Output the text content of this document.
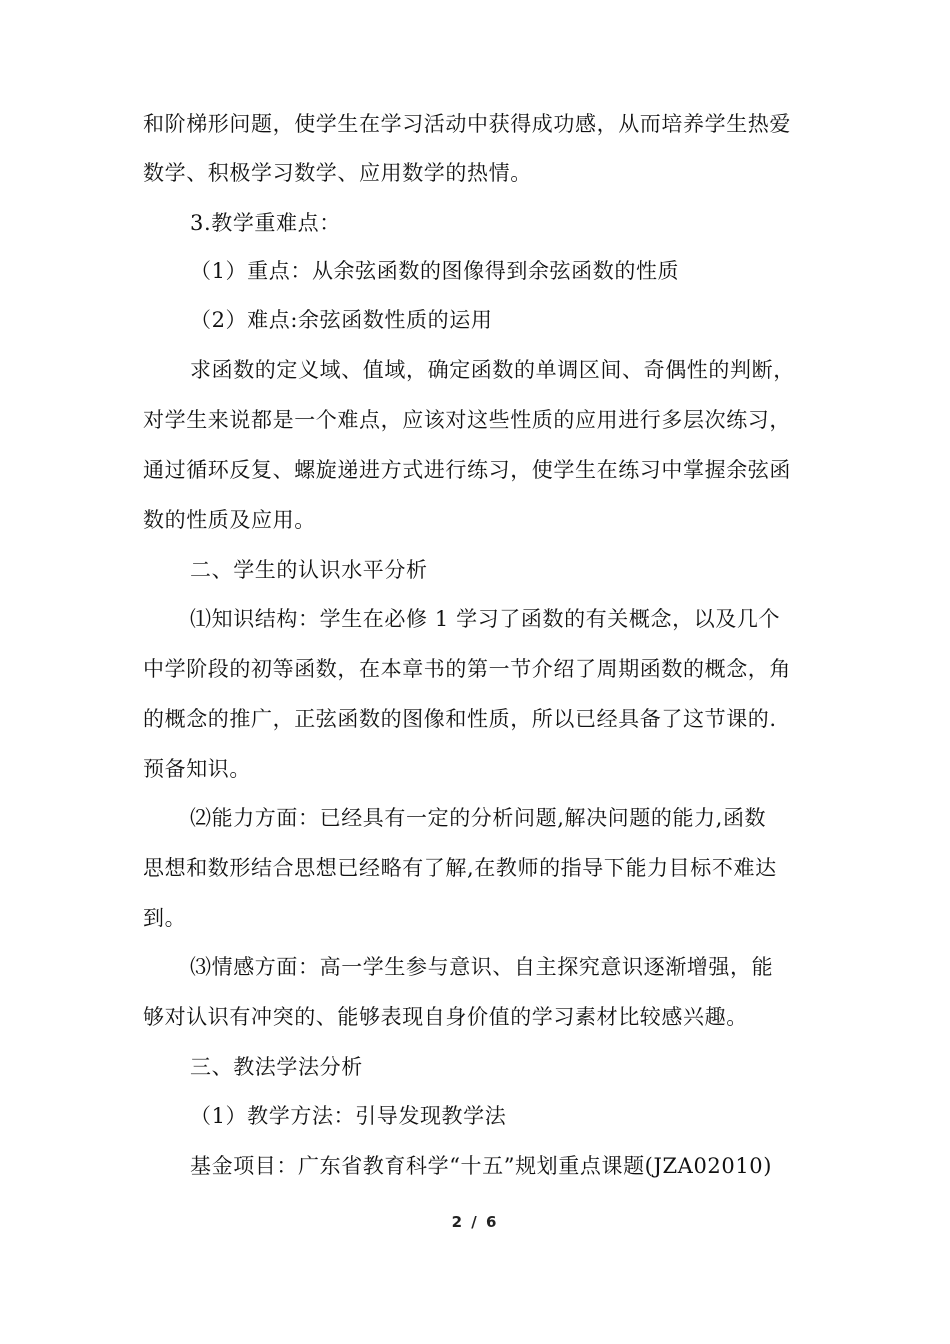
和阶梯形问题，使学生在学习活动中获得成功感，从而培养学生热爱
数学、积极学习数学、应用数学的热情。
3.教学重难点：
（1）重点：从余弦函数的图像得到余弦函数的性质
（2）难点:余弦函数性质的运用
求函数的定义域、值域，确定函数的单调区间、奇偶性的判断，
对学生来说都是一个难点，应该对这些性质的应用进行多层次练习，
通过循环反复、螺旋递进方式进行练习，使学生在练习中掌握余弦函
数的性质及应用。
二、学生的认识水平分析
⑴知识结构：学生在必修 1 学习了函数的有关概念，以及几个
中学阶段的初等函数，在本章书的第一节介绍了周期函数的概念，角
的概念的推广，正弦函数的图像和性质，所以已经具备了这节课的.
预备知识。
⑵能力方面：已经具有一定的分析问题,解决问题的能力,函数
思想和数形结合思想已经略有了解,在教师的指导下能力目标不难达
到。
⑶情感方面：高一学生参与意识、自主探究意识逐渐增强，能
够对认识有冲突的、能够表现自身价值的学习素材比较感兴趣。
三、教法学法分析
（1）教学方法：引导发现教学法
基金项目：广东省教育科学“十五”规划重点课题(JZA02010)
2 / 6
